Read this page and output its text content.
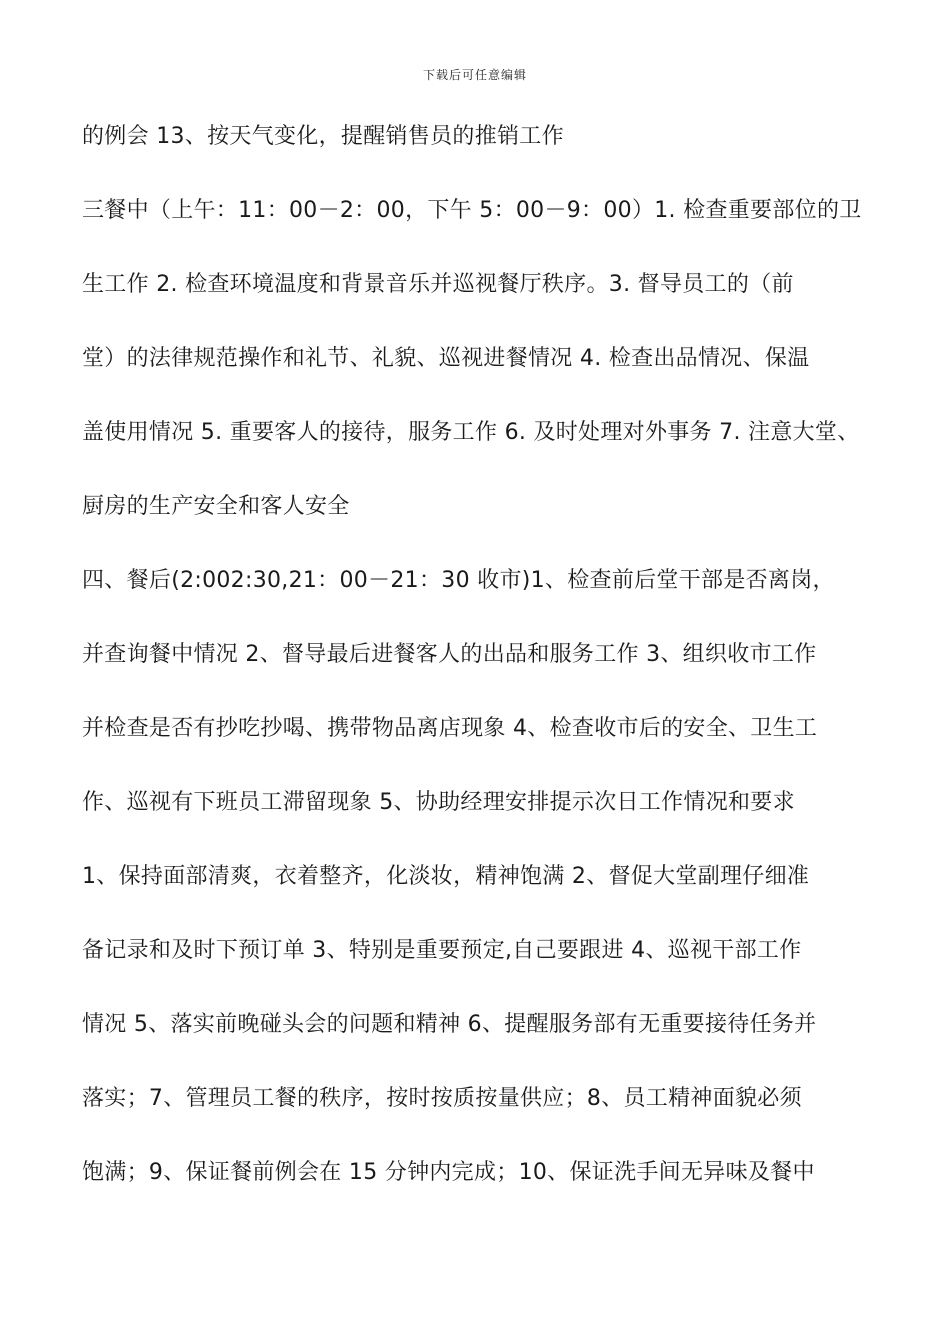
下载后可任意编辑
的例会 13、按天气变化，提醒销售员的推销工作
三餐中（上午：11：00－2：00，下午 5：00－9：00）1. 检查重要部位的卫
生工作 2. 检查环境温度和背景音乐并巡视餐厅秩序。3. 督导员工的（前
堂）的法律规范操作和礼节、礼貌、巡视进餐情况 4. 检查出品情况、保温
盖使用情况 5. 重要客人的接待，服务工作 6. 及时处理对外事务 7. 注意大堂、
厨房的生产安全和客人安全
四、餐后(2:002:30,21：00－21：30 收市)1、检查前后堂干部是否离岗，
并查询餐中情况 2、督导最后进餐客人的出品和服务工作 3、组织收市工作
并检查是否有抄吃抄喝、携带物品离店现象 4、检查收市后的安全、卫生工
作、巡视有下班员工滞留现象 5、协助经理安排提示次日工作情况和要求
1、保持面部清爽，衣着整齐，化淡妆，精神饱满 2、督促大堂副理仔细准
备记录和及时下预订单 3、特别是重要预定,自己要跟进 4、巡视干部工作
情况 5、落实前晚碰头会的问题和精神 6、提醒服务部有无重要接待任务并
落实；7、管理员工餐的秩序，按时按质按量供应；8、员工精神面貌必须
饱满；9、保证餐前例会在 15 分钟内完成；10、保证洗手间无异味及餐中
